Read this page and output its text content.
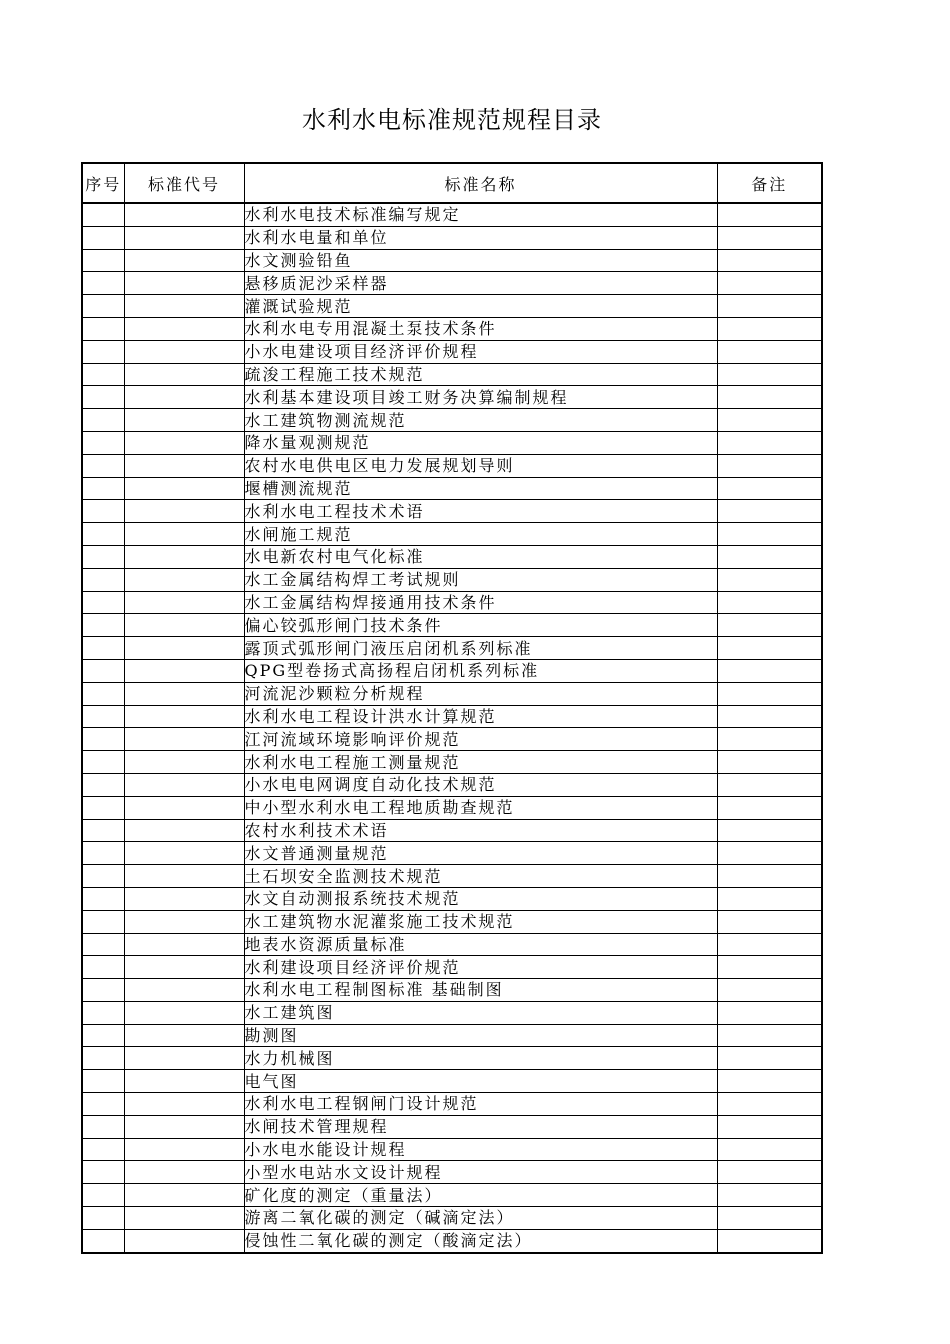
水利水电标准规范规程目录
序号	标准代号	标准名称	备注
		水利水电技术标准编写规定	
		水利水电量和单位	
		水文测验铅鱼	
		悬移质泥沙采样器	
		灌溉试验规范	
		水利水电专用混凝土泵技术条件	
		小水电建设项目经济评价规程	
		疏浚工程施工技术规范	
		水利基本建设项目竣工财务决算编制规程	
		水工建筑物测流规范	
		降水量观测规范	
		农村水电供电区电力发展规划导则	
		堰槽测流规范	
		水利水电工程技术术语	
		水闸施工规范	
		水电新农村电气化标准	
		水工金属结构焊工考试规则	
		水工金属结构焊接通用技术条件	
		偏心铰弧形闸门技术条件	
		露顶式弧形闸门液压启闭机系列标准	
		QPG型卷扬式高扬程启闭机系列标准	
		河流泥沙颗粒分析规程	
		水利水电工程设计洪水计算规范	
		江河流域环境影响评价规范	
		水利水电工程施工测量规范	
		小水电电网调度自动化技术规范	
		中小型水利水电工程地质勘查规范	
		农村水利技术术语	
		水文普通测量规范	
		土石坝安全监测技术规范	
		水文自动测报系统技术规范	
		水工建筑物水泥灌浆施工技术规范	
		地表水资源质量标准	
		水利建设项目经济评价规范	
		水利水电工程制图标准 基础制图	
		水工建筑图	
		勘测图	
		水力机械图	
		电气图	
		水利水电工程钢闸门设计规范	
		水闸技术管理规程	
		小水电水能设计规程	
		小型水电站水文设计规程	
		矿化度的测定（重量法）	
		游离二氧化碳的测定（碱滴定法）	
		侵蚀性二氧化碳的测定（酸滴定法）	
